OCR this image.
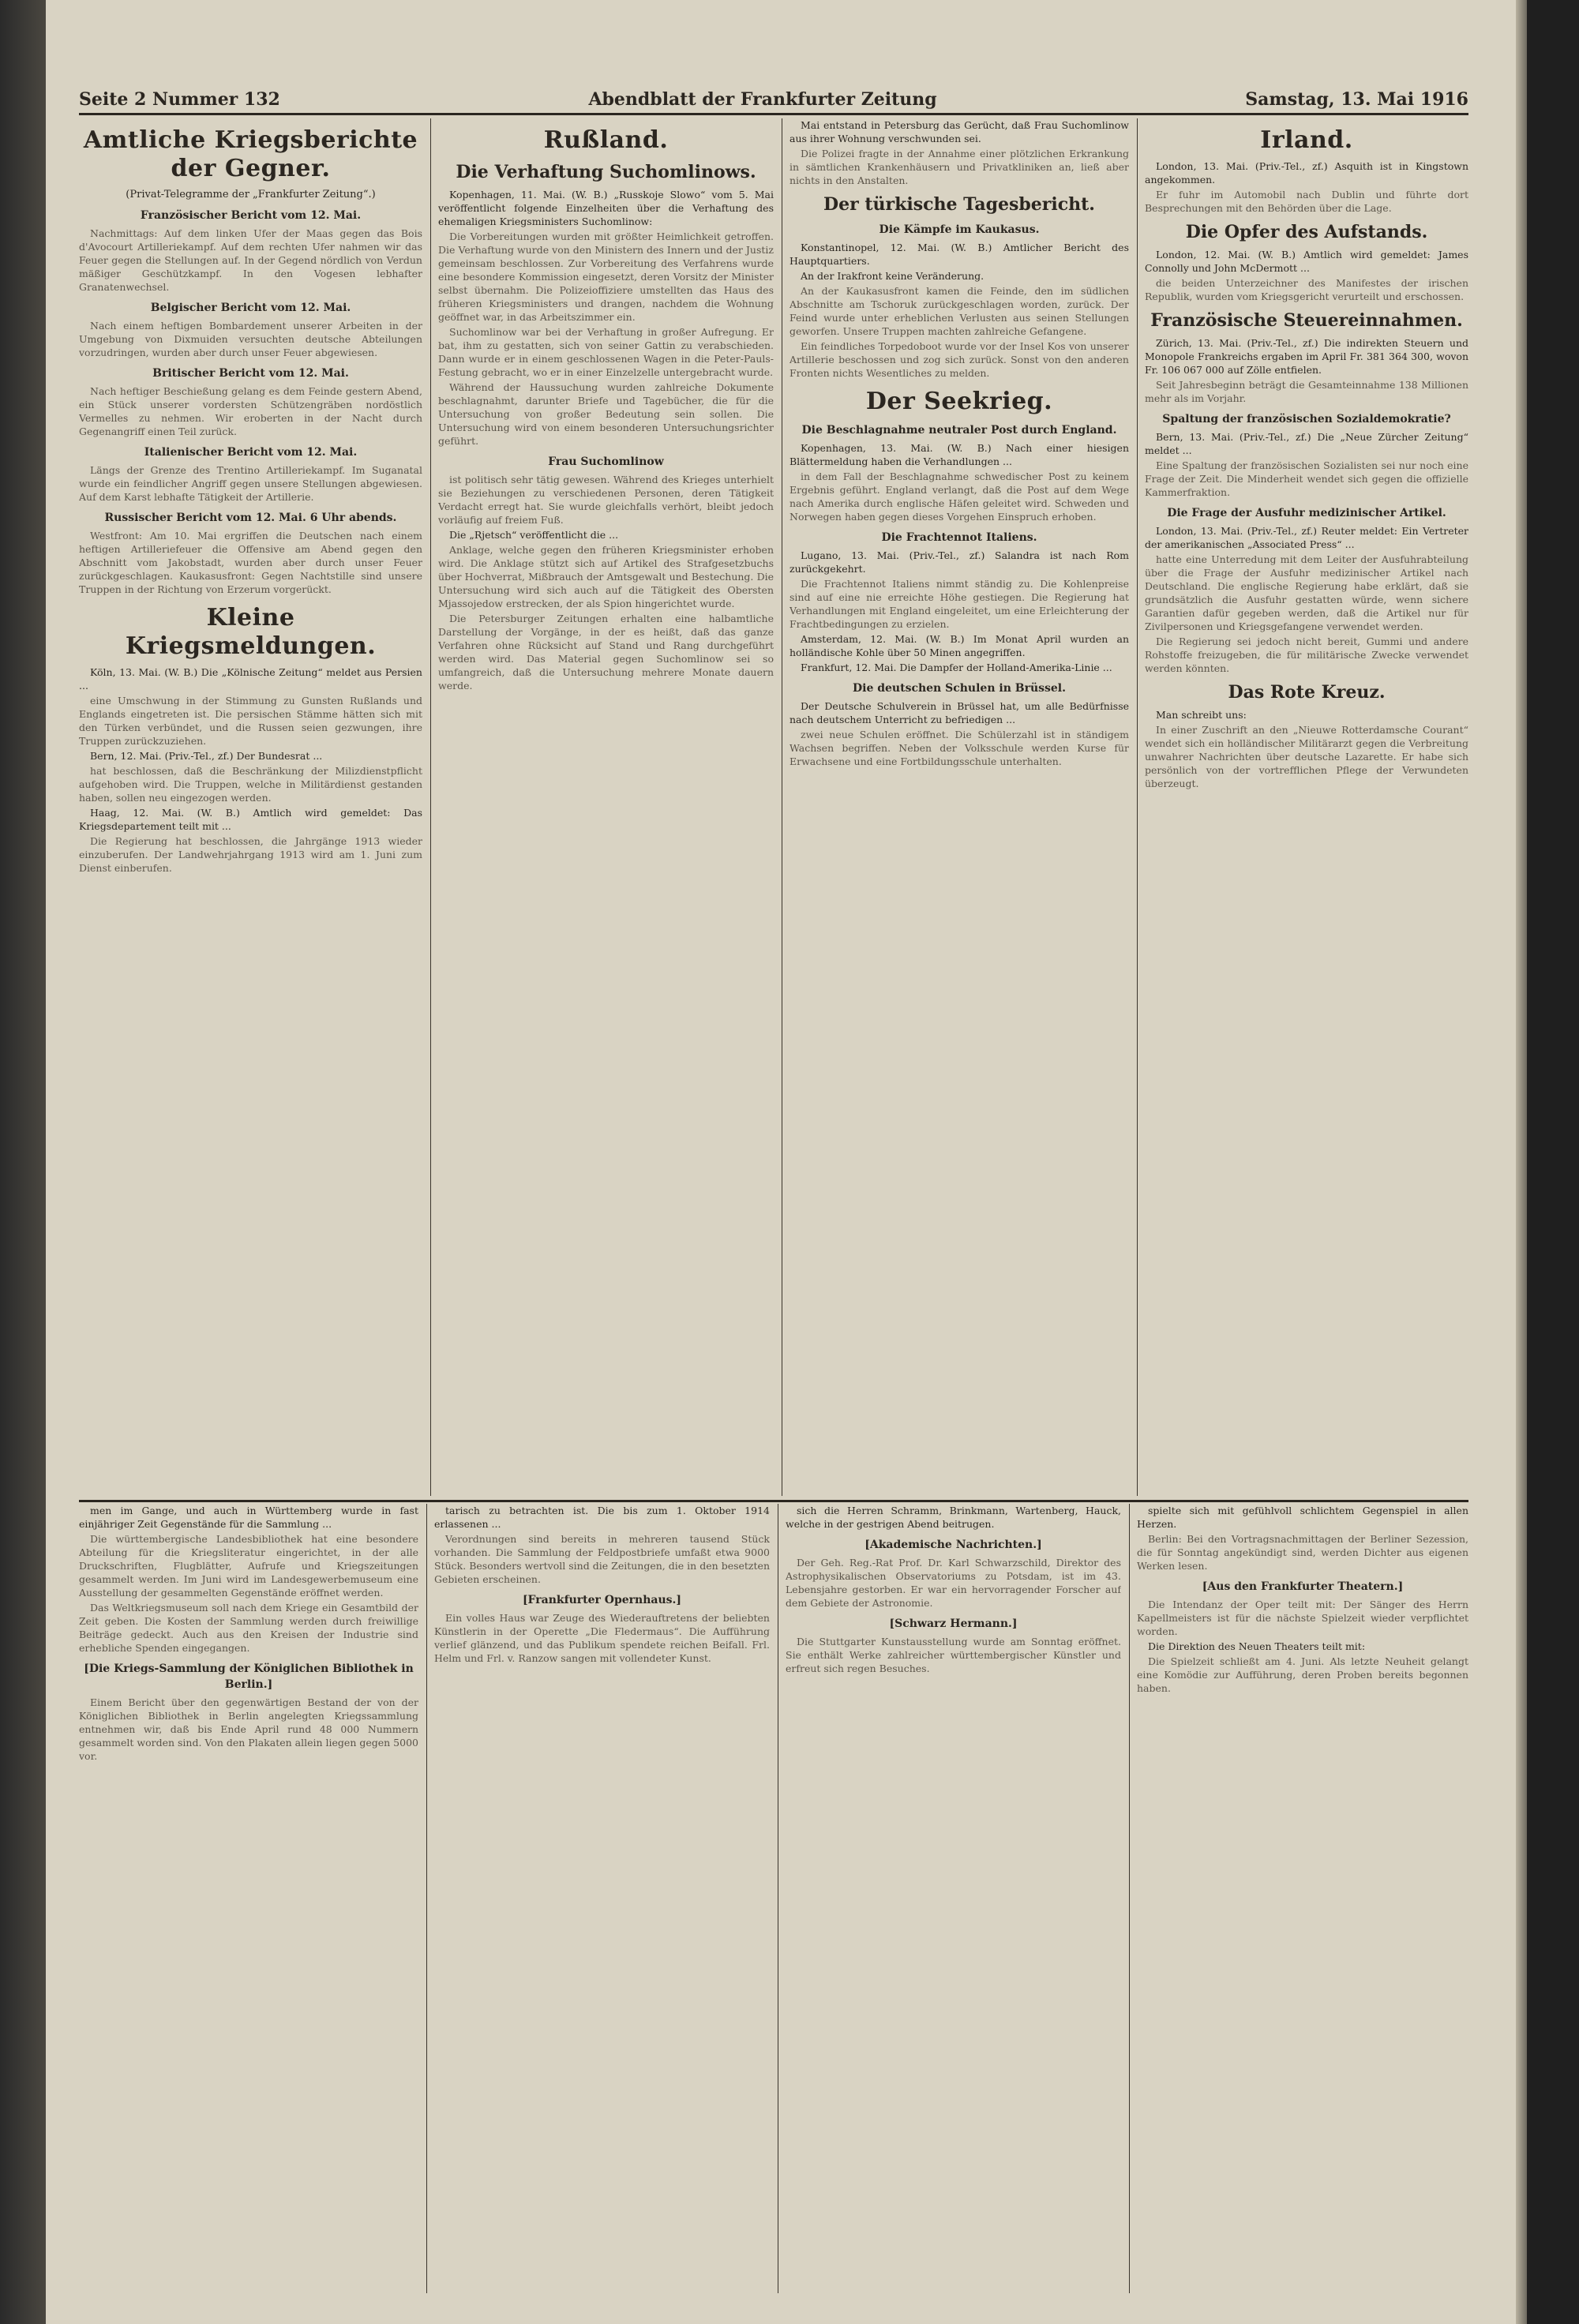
Seite 2 Nummer 132	Abendblatt der Frankfurter Zeitung	Samstag, 13. Mai 1916
Amtliche Kriegsberichte der Gegner.
(Privat-Telegramme der „Frankfurter Zeitung“.)
Französischer Bericht vom 12. Mai.

Nachmittags: Auf dem linken Ufer der Maas gegen das Bois d'Avocourt Artilleriekampf. Auf dem rechten Ufer nahmen wir das Feuer gegen die Stellungen auf. In der Gegend nördlich von Verdun mäßiger Geschützkampf. In den Vogesen lebhafter Granatenwechsel.

Belgischer Bericht vom 12. Mai.

Nach einem heftigen Bombardement unserer Arbeiten in der Umgebung von Dixmuiden versuchten deutsche Abteilungen vorzudringen, wurden aber durch unser Feuer abgewiesen.

Britischer Bericht vom 12. Mai.

Nach heftiger Beschießung gelang es dem Feinde gestern Abend, ein Stück unserer vordersten Schützengräben nordöstlich Vermelles zu nehmen. Wir eroberten in der Nacht durch Gegenangriff einen Teil zurück.

Italienischer Bericht vom 12. Mai.

Längs der Grenze des Trentino Artilleriekampf. Im Suganatal wurde ein feindlicher Angriff gegen unsere Stellungen abgewiesen. Auf dem Karst lebhafte Tätigkeit der Artillerie.

Russischer Bericht vom 12. Mai. 6 Uhr abends.

Westfront: Am 10. Mai ergriffen die Deutschen nach einem heftigen Artilleriefeuer die Offensive am Abend gegen den Abschnitt vom Jakobstadt, wurden aber durch unser Feuer zurückgeschlagen. Kaukasusfront: Gegen Nachtstille sind unsere Truppen in der Richtung von Erzerum vorgerückt.

Kleine Kriegsmeldungen.

Köln, 13. Mai. (W. B.) Die „Kölnische Zeitung“ meldet aus Persien ...

eine Umschwung in der Stimmung zu Gunsten Rußlands und Englands eingetreten ist. Die persischen Stämme hätten sich mit den Türken verbündet, und die Russen seien gezwungen, ihre Truppen zurückzuziehen.

Bern, 12. Mai. (Priv.-Tel., zf.) Der Bundesrat ...

hat beschlossen, daß die Beschränkung der Milizdienstpflicht aufgehoben wird. Die Truppen, welche in Militärdienst gestanden haben, sollen neu eingezogen werden.

Haag, 12. Mai. (W. B.) Amtlich wird gemeldet: Das Kriegsdepartement teilt mit ...

Die Regierung hat beschlossen, die Jahrgänge 1913 wieder einzuberufen. Der Landwehrjahrgang 1913 wird am 1. Juni zum Dienst einberufen.

Rußland.
Die Verhaftung Suchomlinows.

Kopenhagen, 11. Mai. (W. B.) „Russkoje Slowo“ vom 5. Mai veröffentlicht folgende Einzelheiten über die Verhaftung des ehemaligen Kriegsministers Suchomlinow:

Die Vorbereitungen wurden mit größter Heimlichkeit getroffen. Die Verhaftung wurde von den Ministern des Innern und der Justiz gemeinsam beschlossen. Zur Vorbereitung des Verfahrens wurde eine besondere Kommission eingesetzt, deren Vorsitz der Minister selbst übernahm. Die Polizeioffiziere umstellten das Haus des früheren Kriegsministers und drangen, nachdem die Wohnung geöffnet war, in das Arbeitszimmer ein.

Suchomlinow war bei der Verhaftung in großer Aufregung. Er bat, ihm zu gestatten, sich von seiner Gattin zu verabschieden. Dann wurde er in einem geschlossenen Wagen in die Peter-Pauls-Festung gebracht, wo er in einer Einzelzelle untergebracht wurde.

Während der Haussuchung wurden zahlreiche Dokumente beschlagnahmt, darunter Briefe und Tagebücher, die für die Untersuchung von großer Bedeutung sein sollen. Die Untersuchung wird von einem besonderen Untersuchungsrichter geführt.

Frau Suchomlinow

ist politisch sehr tätig gewesen. Während des Krieges unterhielt sie Beziehungen zu verschiedenen Personen, deren Tätigkeit Verdacht erregt hat. Sie wurde gleichfalls verhört, bleibt jedoch vorläufig auf freiem Fuß.

Die „Rjetsch“ veröffentlicht die ...

Anklage, welche gegen den früheren Kriegsminister erhoben wird. Die Anklage stützt sich auf Artikel des Strafgesetzbuchs über Hochverrat, Mißbrauch der Amtsgewalt und Bestechung. Die Untersuchung wird sich auch auf die Tätigkeit des Obersten Mjassojedow erstrecken, der als Spion hingerichtet wurde.

Die Petersburger Zeitungen erhalten eine halbamtliche Darstellung der Vorgänge, in der es heißt, daß das ganze Verfahren ohne Rücksicht auf Stand und Rang durchgeführt werden wird. Das Material gegen Suchomlinow sei so umfangreich, daß die Untersuchung mehrere Monate dauern werde.

Mai entstand in Petersburg das Gerücht, daß Frau Suchomlinow aus ihrer Wohnung verschwunden sei.

Die Polizei fragte in der Annahme einer plötzlichen Erkrankung in sämtlichen Krankenhäusern und Privatkliniken an, ließ aber nichts in den Anstalten.

Der türkische Tagesbericht.
Die Kämpfe im Kaukasus.

Konstantinopel, 12. Mai. (W. B.) Amtlicher Bericht des Hauptquartiers.

An der Irakfront keine Veränderung.

An der Kaukasusfront kamen die Feinde, den im südlichen Abschnitte am Tschoruk zurückgeschlagen worden, zurück. Der Feind wurde unter erheblichen Verlusten aus seinen Stellungen geworfen. Unsere Truppen machten zahlreiche Gefangene.

Ein feindliches Torpedoboot wurde vor der Insel Kos von unserer Artillerie beschossen und zog sich zurück. Sonst von den anderen Fronten nichts Wesentliches zu melden.

Der Seekrieg.
Die Beschlagnahme neutraler Post durch England.

Kopenhagen, 13. Mai. (W. B.) Nach einer hiesigen Blättermeldung haben die Verhandlungen ...

in dem Fall der Beschlagnahme schwedischer Post zu keinem Ergebnis geführt. England verlangt, daß die Post auf dem Wege nach Amerika durch englische Häfen geleitet wird. Schweden und Norwegen haben gegen dieses Vorgehen Einspruch erhoben.

Die Frachtennot Italiens.

Lugano, 13. Mai. (Priv.-Tel., zf.) Salandra ist nach Rom zurückgekehrt.

Die Frachtennot Italiens nimmt ständig zu. Die Kohlenpreise sind auf eine nie erreichte Höhe gestiegen. Die Regierung hat Verhandlungen mit England eingeleitet, um eine Erleichterung der Frachtbedingungen zu erzielen.

Amsterdam, 12. Mai. (W. B.) Im Monat April wurden an holländische Kohle über 50 Minen angegriffen.

Frankfurt, 12. Mai. Die Dampfer der Holland-Amerika-Linie ...

Die deutschen Schulen in Brüssel.

Der Deutsche Schulverein in Brüssel hat, um alle Bedürfnisse nach deutschem Unterricht zu befriedigen ...

zwei neue Schulen eröffnet. Die Schülerzahl ist in ständigem Wachsen begriffen. Neben der Volksschule werden Kurse für Erwachsene und eine Fortbildungsschule unterhalten.

Irland.

London, 13. Mai. (Priv.-Tel., zf.) Asquith ist in Kingstown angekommen.

Er fuhr im Automobil nach Dublin und führte dort Besprechungen mit den Behörden über die Lage.

Die Opfer des Aufstands.

London, 12. Mai. (W. B.) Amtlich wird gemeldet: James Connolly und John McDermott ...

die beiden Unterzeichner des Manifestes der irischen Republik, wurden vom Kriegsgericht verurteilt und erschossen.

Französische Steuereinnahmen.

Zürich, 13. Mai. (Priv.-Tel., zf.) Die indirekten Steuern und Monopole Frankreichs ergaben im April Fr. 381 364 300, wovon Fr. 106 067 000 auf Zölle entfielen.

Seit Jahresbeginn beträgt die Gesamteinnahme 138 Millionen mehr als im Vorjahr.

Spaltung der französischen Sozialdemokratie?

Bern, 13. Mai. (Priv.-Tel., zf.) Die „Neue Zürcher Zeitung“ meldet ...

Eine Spaltung der französischen Sozialisten sei nur noch eine Frage der Zeit. Die Minderheit wendet sich gegen die offizielle Kammerfraktion.

Die Frage der Ausfuhr medizinischer Artikel.

London, 13. Mai. (Priv.-Tel., zf.) Reuter meldet: Ein Vertreter der amerikanischen „Associated Press“ ...

hatte eine Unterredung mit dem Leiter der Ausfuhrabteilung über die Frage der Ausfuhr medizinischer Artikel nach Deutschland. Die englische Regierung habe erklärt, daß sie grundsätzlich die Ausfuhr gestatten würde, wenn sichere Garantien dafür gegeben werden, daß die Artikel nur für Zivilpersonen und Kriegsgefangene verwendet werden.

Die Regierung sei jedoch nicht bereit, Gummi und andere Rohstoffe freizugeben, die für militärische Zwecke verwendet werden könnten.

Das Rote Kreuz.

Man schreibt uns:

In einer Zuschrift an den „Nieuwe Rotterdamsche Courant“ wendet sich ein holländischer Militärarzt gegen die Verbreitung unwahrer Nachrichten über deutsche Lazarette. Er habe sich persönlich von der vortrefflichen Pflege der Verwundeten überzeugt.

men im Gange, und auch in Württemberg wurde in fast einjähriger Zeit Gegenstände für die Sammlung ...

Die württembergische Landesbibliothek hat eine besondere Abteilung für die Kriegsliteratur eingerichtet, in der alle Druckschriften, Flugblätter, Aufrufe und Kriegszeitungen gesammelt werden. Im Juni wird im Landesgewerbemuseum eine Ausstellung der gesammelten Gegenstände eröffnet werden.

Das Weltkriegsmuseum soll nach dem Kriege ein Gesamtbild der Zeit geben. Die Kosten der Sammlung werden durch freiwillige Beiträge gedeckt. Auch aus den Kreisen der Industrie sind erhebliche Spenden eingegangen.

[Die Kriegs-Sammlung der Königlichen Bibliothek in Berlin.]

Einem Bericht über den gegenwärtigen Bestand der von der Königlichen Bibliothek in Berlin angelegten Kriegssammlung entnehmen wir, daß bis Ende April rund 48 000 Nummern gesammelt worden sind. Von den Plakaten allein liegen gegen 5000 vor.

tarisch zu betrachten ist. Die bis zum 1. Oktober 1914 erlassenen ...

Verordnungen sind bereits in mehreren tausend Stück vorhanden. Die Sammlung der Feldpostbriefe umfaßt etwa 9000 Stück. Besonders wertvoll sind die Zeitungen, die in den besetzten Gebieten erscheinen.

[Frankfurter Opernhaus.]

Ein volles Haus war Zeuge des Wiederauftretens der beliebten Künstlerin in der Operette „Die Fledermaus“. Die Aufführung verlief glänzend, und das Publikum spendete reichen Beifall. Frl. Helm und Frl. v. Ranzow sangen mit vollendeter Kunst.

sich die Herren Schramm, Brinkmann, Wartenberg, Hauck, welche in der gestrigen Abend beitrugen.

[Akademische Nachrichten.]

Der Geh. Reg.-Rat Prof. Dr. Karl Schwarzschild, Direktor des Astrophysikalischen Observatoriums zu Potsdam, ist im 43. Lebensjahre gestorben. Er war ein hervorragender Forscher auf dem Gebiete der Astronomie.

[Schwarz Hermann.]

Die Stuttgarter Kunstausstellung wurde am Sonntag eröffnet. Sie enthält Werke zahlreicher württembergischer Künstler und erfreut sich regen Besuches.

spielte sich mit gefühlvoll schlichtem Gegenspiel in allen Herzen.

Berlin: Bei den Vortragsnachmittagen der Berliner Sezession, die für Sonntag angekündigt sind, werden Dichter aus eigenen Werken lesen.

[Aus den Frankfurter Theatern.]

Die Intendanz der Oper teilt mit: Der Sänger des Herrn Kapellmeisters ist für die nächste Spielzeit wieder verpflichtet worden.

Die Direktion des Neuen Theaters teilt mit:

Die Spielzeit schließt am 4. Juni. Als letzte Neuheit gelangt eine Komödie zur Aufführung, deren Proben bereits begonnen haben.
